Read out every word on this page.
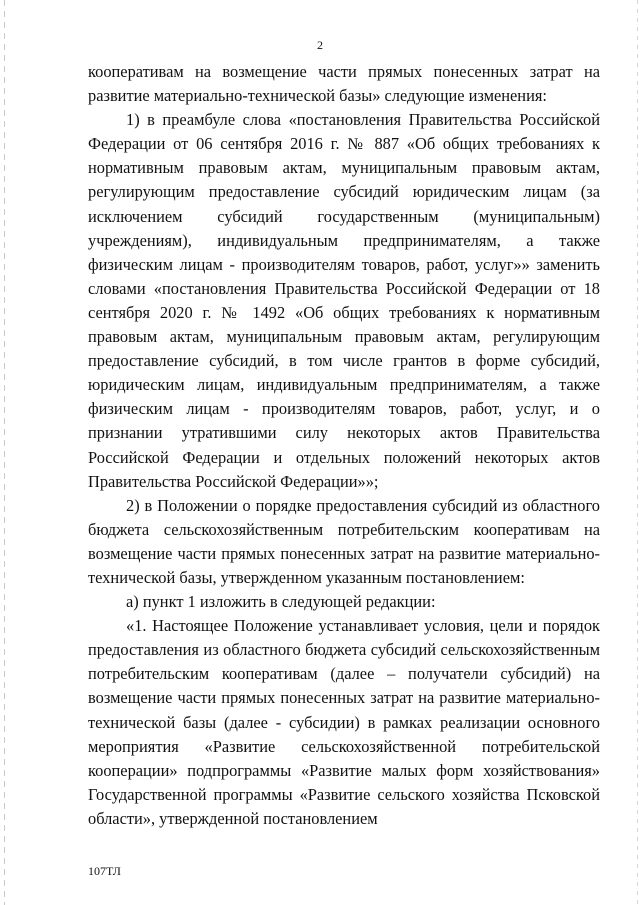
2

кооперативам на возмещение части прямых понесенных затрат на развитие материально-технической базы» следующие изменения:

1) в преамбуле слова «постановления Правительства Российской Федерации от 06 сентября 2016 г. № 887 «Об общих требованиях к нормативным правовым актам, муниципальным правовым актам, регулирующим предоставление субсидий юридическим лицам (за исключением субсидий государственным (муниципальным) учреждениям), индивидуальным предпринимателям, а также физическим лицам - производителям товаров, работ, услуг»» заменить словами «постановления Правительства Российской Федерации от 18 сентября 2020 г. № 1492 «Об общих требованиях к нормативным правовым актам, муниципальным правовым актам, регулирующим предоставление субсидий, в том числе грантов в форме субсидий, юридическим лицам, индивидуальным предпринимателям, а также физическим лицам - производителям товаров, работ, услуг, и о признании утратившими силу некоторых актов Правительства Российской Федерации и отдельных положений некоторых актов Правительства Российской Федерации»»;

2) в Положении о порядке предоставления субсидий из областного бюджета сельскохозяйственным потребительским кооперативам на возмещение части прямых понесенных затрат на развитие материально-технической базы, утвержденном указанным постановлением:

а) пункт 1 изложить в следующей редакции:

«1. Настоящее Положение устанавливает условия, цели и порядок предоставления из областного бюджета субсидий сельскохозяйственным потребительским кооперативам (далее – получатели субсидий) на возмещение части прямых понесенных затрат на развитие материально-технической базы (далее - субсидии) в рамках реализации основного мероприятия «Развитие сельскохозяйственной потребительской кооперации» подпрограммы «Развитие малых форм хозяйствования» Государственной программы «Развитие сельского хозяйства Псковской области», утвержденной постановлением

107ТЛ
